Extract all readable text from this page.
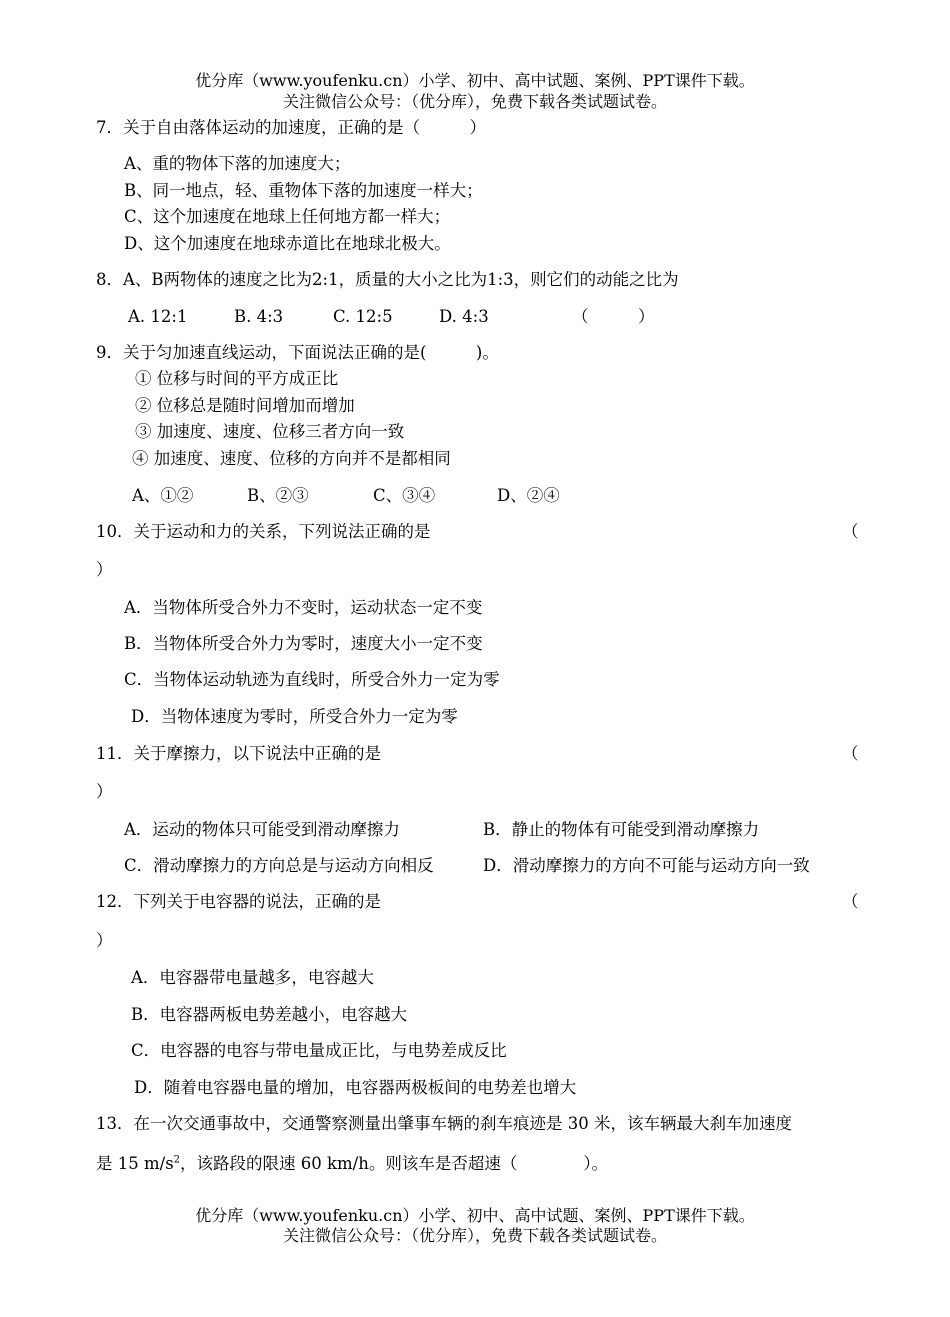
优分库（www.youfenku.cn）小学、初中、高中试题、案例、PPT课件下载。
关注微信公众号：（优分库），免费下载各类试题试卷。
7．关于自由落体运动的加速度，正确的是（　　　）
A、重的物体下落的加速度大；
B、同一地点，轻、重物体下落的加速度一样大；
C、这个加速度在地球上任何地方都一样大；
D、这个加速度在地球赤道比在地球北极大。
8．A、B两物体的速度之比为2:1，质量的大小之比为1:3，则它们的动能之比为
A. 12:1	B. 4:3	C. 12:5	D. 4:3	（　　　）
9．关于匀加速直线运动，下面说法正确的是(　　　)。
① 位移与时间的平方成正比
② 位移总是随时间增加而增加
③ 加速度、速度、位移三者方向一致
④ 加速度、速度、位移的方向并不是都相同
A、①②	B、②③	C、③④	D、②④
10．关于运动和力的关系，下列说法正确的是	（
）
A．当物体所受合外力不变时，运动状态一定不变
B．当物体所受合外力为零时，速度大小一定不变
C．当物体运动轨迹为直线时，所受合外力一定为零
D．当物体速度为零时，所受合外力一定为零
11．关于摩擦力，以下说法中正确的是	（
）
A．运动的物体只可能受到滑动摩擦力	B．静止的物体有可能受到滑动摩擦力
C．滑动摩擦力的方向总是与运动方向相反	D．滑动摩擦力的方向不可能与运动方向一致
12．下列关于电容器的说法，正确的是	（
）
A．电容器带电量越多，电容越大
B．电容器两板电势差越小，电容越大
C．电容器的电容与带电量成正比，与电势差成反比
D．随着电容器电量的增加，电容器两极板间的电势差也增大
13．在一次交通事故中，交通警察测量出肇事车辆的刹车痕迹是 30 米，该车辆最大刹车加速度
是 15 $m/s^2$，该路段的限速 60 km/h。则该车是否超速（　　　　）。
优分库（www.youfenku.cn）小学、初中、高中试题、案例、PPT课件下载。
关注微信公众号：（优分库），免费下载各类试题试卷。
